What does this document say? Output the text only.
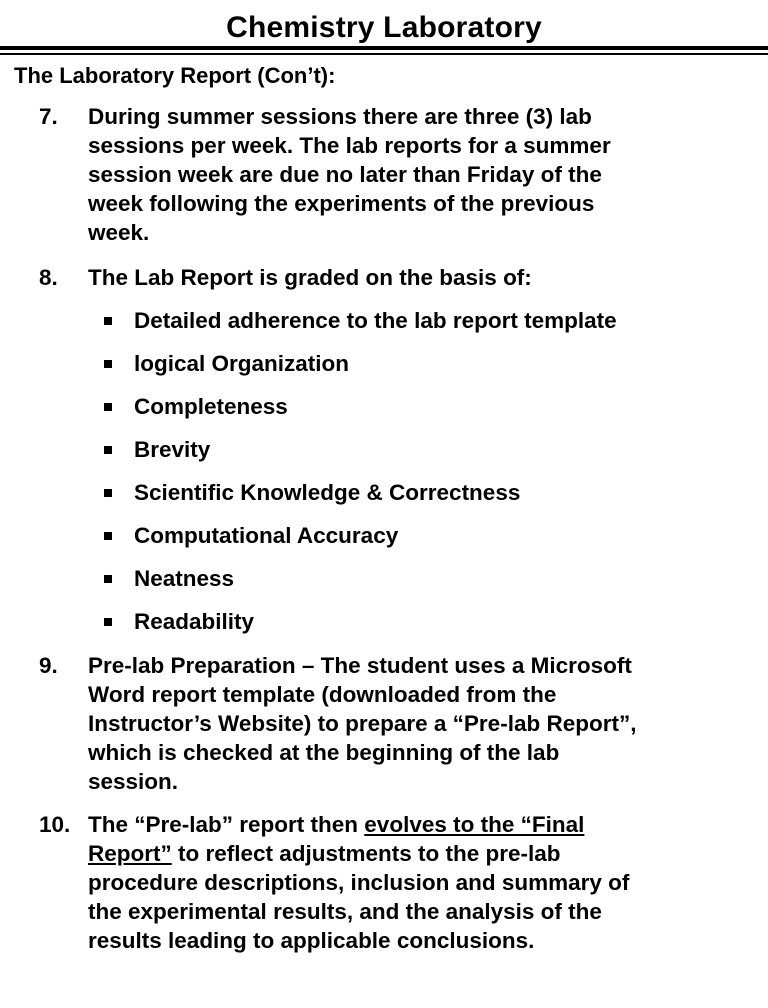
Chemistry Laboratory
The Laboratory Report (Con’t):
7. During summer sessions there are three (3) lab
sessions per week. The lab reports for a summer
session week are due no later than Friday of the
week following the experiments of the previous
week.
8. The Lab Report is graded on the basis of:
Detailed adherence to the lab report template
logical Organization
Completeness
Brevity
Scientific Knowledge & Correctness
Computational Accuracy
Neatness
Readability
9. Pre-lab Preparation – The student uses a Microsoft
Word report template (downloaded from the
Instructor’s Website) to prepare a “Pre-lab Report”,
which is checked at the beginning of the lab
session.
10. The “Pre-lab” report then evolves to the “Final
Report” to reflect adjustments to the pre-lab
procedure descriptions, inclusion and summary of
the experimental results, and the analysis of the
results leading to applicable conclusions.
